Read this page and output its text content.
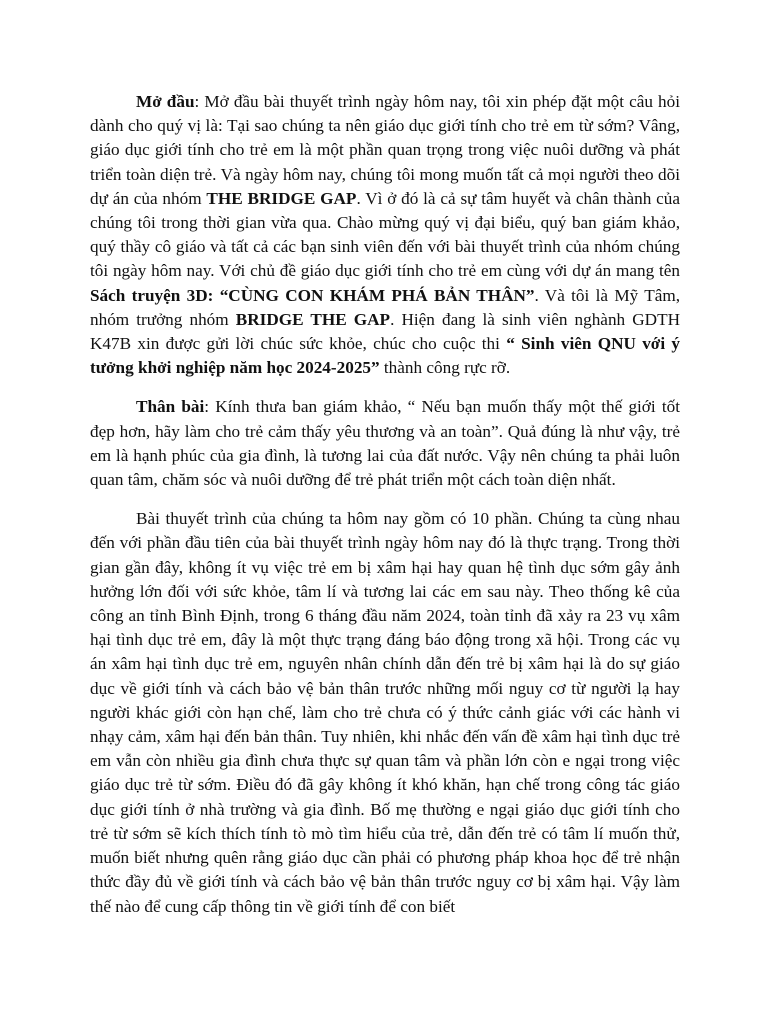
Mở đầu: Mở đầu bài thuyết trình ngày hôm nay, tôi xin phép đặt một câu hỏi dành cho quý vị là: Tại sao chúng ta nên giáo dục giới tính cho trẻ em từ sớm? Vâng, giáo dục giới tính cho trẻ em là một phần quan trọng trong việc nuôi dưỡng và phát triển toàn diện trẻ. Và ngày hôm nay, chúng tôi mong muốn tất cả mọi người theo dõi dự án của nhóm THE BRIDGE GAP. Vì ở đó là cả sự tâm huyết và chân thành của chúng tôi trong thời gian vừa qua. Chào mừng quý vị đại biểu, quý ban giám khảo, quý thầy cô giáo và tất cả các bạn sinh viên đến với bài thuyết trình của nhóm chúng tôi ngày hôm nay. Với chủ đề giáo dục giới tính cho trẻ em cùng với dự án mang tên Sách truyện 3D: “CÙNG CON KHÁM PHÁ BẢN THÂN”. Và tôi là Mỹ Tâm, nhóm trưởng nhóm BRIDGE THE GAP. Hiện đang là sinh viên nghành GDTH K47B xin được gửi lời chúc sức khỏe, chúc cho cuộc thi “ Sinh viên QNU với ý tưởng khởi nghiệp năm học 2024-2025” thành công rực rỡ.

Thân bài: Kính thưa ban giám khảo, “ Nếu bạn muốn thấy một thế giới tốt đẹp hơn, hãy làm cho trẻ cảm thấy yêu thương và an toàn”. Quả đúng là như vậy, trẻ em là hạnh phúc của gia đình, là tương lai của đất nước. Vậy nên chúng ta phải luôn quan tâm, chăm sóc và nuôi dưỡng để trẻ phát triển một cách toàn diện nhất.

Bài thuyết trình của chúng ta hôm nay gồm có 10 phần. Chúng ta cùng nhau đến với phần đầu tiên của bài thuyết trình ngày hôm nay đó là thực trạng. Trong thời gian gần đây, không ít vụ việc trẻ em bị xâm hại hay quan hệ tình dục sớm gây ảnh hưởng lớn đối với sức khỏe, tâm lí và tương lai các em sau này. Theo thống kê của công an tỉnh Bình Định, trong 6 tháng đầu năm 2024, toàn tỉnh đã xảy ra 23 vụ xâm hại tình dục trẻ em, đây là một thực trạng đáng báo động trong xã hội. Trong các vụ án xâm hại tình dục trẻ em, nguyên nhân chính dẫn đến trẻ bị xâm hại là do sự giáo dục về giới tính và cách bảo vệ bản thân trước những mối nguy cơ từ người lạ hay người khác giới còn hạn chế, làm cho trẻ chưa có ý thức cảnh giác với các hành vi nhạy cảm, xâm hại đến bản thân. Tuy nhiên, khi nhắc đến vấn đề xâm hại tình dục trẻ em vẫn còn nhiều gia đình chưa thực sự quan tâm và phần lớn còn e ngại trong việc giáo dục trẻ từ sớm. Điều đó đã gây không ít khó khăn, hạn chế trong công tác giáo dục giới tính ở nhà trường và gia đình. Bố mẹ thường e ngại giáo dục giới tính cho trẻ từ sớm sẽ kích thích tính tò mò tìm hiểu của trẻ, dẫn đến trẻ có tâm lí muốn thử, muốn biết nhưng quên rằng giáo dục cần phải có phương pháp khoa học để trẻ nhận thức đầy đủ về giới tính và cách bảo vệ bản thân trước nguy cơ bị xâm hại. Vậy làm thế nào để cung cấp thông tin về giới tính để con biết
